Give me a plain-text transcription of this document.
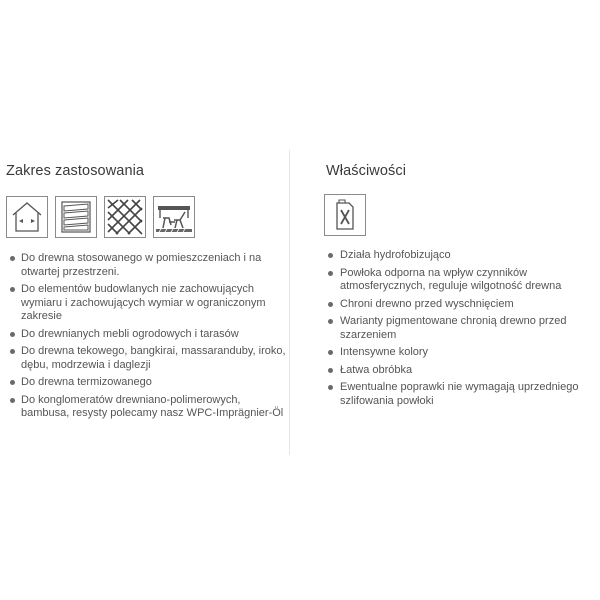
Zakres zastosowania
Do drewna stosowanego w pomieszczeniach i na otwartej przestrzeni.
Do elementów budowlanych nie zachowujących wymiaru i zachowujących wymiar w ograniczonym zakresie
Do drewnianych mebli ogrodowych i tarasów
Do drewna tekowego, bangkirai, massaranduby, iroko, dębu, modrzewia i daglezji
Do drewna termizowanego
Do konglomeratów drewniano-polimerowych, bambusa, resysty polecamy nasz WPC-Imprägnier-Öl
Właściwości
Działa hydrofobizująco
Powłoka odporna na wpływ czynników atmosferycznych, reguluje wilgotność drewna
Chroni drewno przed wyschnięciem
Warianty pigmentowane chronią drewno przed szarzeniem
Intensywne kolory
Łatwa obróbka
Ewentualne poprawki nie wymagają uprzedniego szlifowania powłoki
